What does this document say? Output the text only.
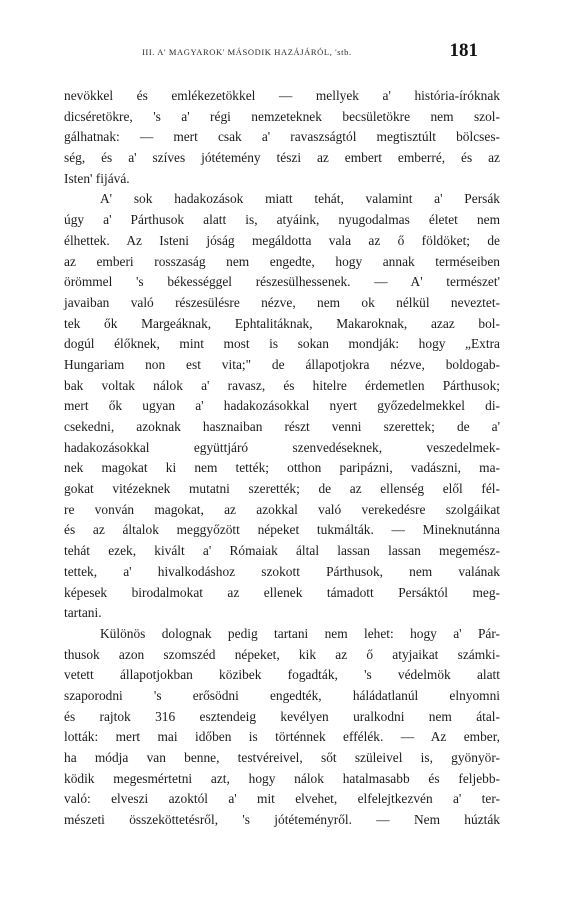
III. A' MAGYAROK' MÁSODIK HAZÁJÁRÓL, 'stb.	181
nevökkel és emlékezetökkel — mellyek a' história-íróknak
dicséretökre, 's a' régi nemzeteknek becsületökre nem szol-
gálhatnak: — mert csak a' ravaszságtól megtisztúlt bölcses-
ség, és a' szíves jótétemény tészi az embert emberré, és az
Isten' fijává.
A' sok hadakozások miatt tehát, valamint a' Persák
úgy a' Párthusok alatt is, atyáink, nyugodalmas életet nem
élhettek. Az Isteni jóság megáldotta vala az ő földöket; de
az emberi rosszaság nem engedte, hogy annak terméseiben
örömmel 's békességgel részesülhessenek. — A' természet'
javaiban való részesülésre nézve, nem ok nélkül neveztet-
tek ők Margeáknak, Ephtalitáknak, Makaroknak, azaz bol-
dogúl élőknek, mint most is sokan mondják: hogy „Extra
Hungariam non est vita;" de állapotjokra nézve, boldogab-
bak voltak nálok a' ravasz, és hitelre érdemetlen Párthusok;
mert ők ugyan a' hadakozásokkal nyert győzedelmekkel di-
csekedni, azoknak hasznaiban részt venni szerettek; de a'
hadakozásokkal együttjáró szenvedéseknek, veszedelmek-
nek magokat ki nem tették; otthon paripázni, vadászni, ma-
gokat vitézeknek mutatni szerették; de az ellenség elől fél-
re vonván magokat, az azokkal való verekedésre szolgáikat
és az általok meggyőzött népeket tukmálták. — Mineknutánna
tehát ezek, kivált a' Rómaiak által lassan lassan megemész-
tettek, a' hivalkodáshoz szokott Párthusok, nem valának
képesek birodalmokat az ellenek támadott Persáktól meg-
tartani.
Különös dolognak pedig tartani nem lehet: hogy a' Pár-
thusok azon szomszéd népeket, kik az ő atyjaikat számki-
vetett állapotjokban közibek fogadták, 's védelmök alatt
szaporodni 's erősödni engedték, háládatlanúl elnyomni
és rajtok 316 esztendeig kevélyen uralkodni nem átal-
lották: mert mai időben is történnek effélék. — Az ember,
ha módja van benne, testvéreivel, sőt szüleivel is, gyönyör-
ködik megesmértetni azt, hogy nálok hatalmasabb és feljebb-
való: elveszi azoktól a' mit elvehet, elfelejtkezvén a' ter-
mészeti összeköttetésről, 's jótéteményről. — Nem húzták
